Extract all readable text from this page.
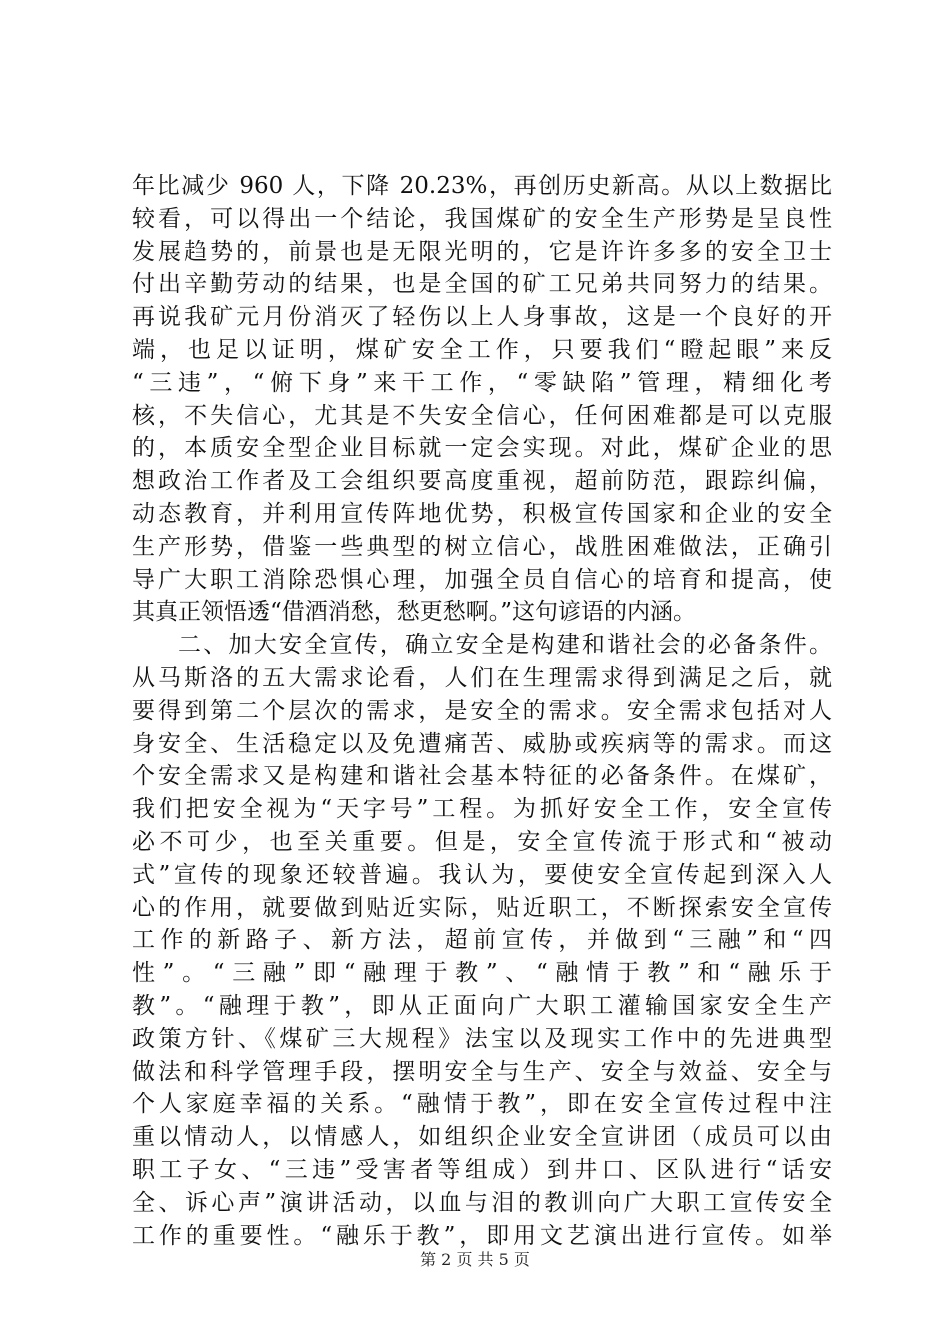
年比减少 960 人，下降 20.23%，再创历史新高。从以上数据比
较看，可以得出一个结论，我国煤矿的安全生产形势是呈良性
发展趋势的，前景也是无限光明的，它是许许多多的安全卫士
付出辛勤劳动的结果，也是全国的矿工兄弟共同努力的结果。
再说我矿元月份消灭了轻伤以上人身事故，这是一个良好的开
端，也足以证明，煤矿安全工作，只要我们“瞪起眼”来反
“三违”，“俯下身”来干工作，“零缺陷”管理，精细化考
核，不失信心，尤其是不失安全信心，任何困难都是可以克服
的，本质安全型企业目标就一定会实现。对此，煤矿企业的思
想政治工作者及工会组织要高度重视，超前防范，跟踪纠偏，
动态教育，并利用宣传阵地优势，积极宣传国家和企业的安全
生产形势，借鉴一些典型的树立信心，战胜困难做法，正确引
导广大职工消除恐惧心理，加强全员自信心的培育和提高，使
其真正领悟透“借酒消愁，愁更愁啊。”这句谚语的内涵。
二、加大安全宣传，确立安全是构建和谐社会的必备条件。
从马斯洛的五大需求论看，人们在生理需求得到满足之后，就
要得到第二个层次的需求，是安全的需求。安全需求包括对人
身安全、生活稳定以及免遭痛苦、威胁或疾病等的需求。而这
个安全需求又是构建和谐社会基本特征的必备条件。在煤矿，
我们把安全视为“天字号”工程。为抓好安全工作，安全宣传
必不可少，也至关重要。但是，安全宣传流于形式和“被动
式”宣传的现象还较普遍。我认为，要使安全宣传起到深入人
心的作用，就要做到贴近实际，贴近职工，不断探索安全宣传
工作的新路子、新方法，超前宣传，并做到“三融”和“四
性”。“三融”即“融理于教”、“融情于教”和“融乐于
教”。“融理于教”，即从正面向广大职工灌输国家安全生产
政策方针、《煤矿三大规程》法宝以及现实工作中的先进典型
做法和科学管理手段，摆明安全与生产、安全与效益、安全与
个人家庭幸福的关系。“融情于教”，即在安全宣传过程中注
重以情动人，以情感人，如组织企业安全宣讲团（成员可以由
职工子女、“三违”受害者等组成）到井口、区队进行“话安
全、诉心声”演讲活动，以血与泪的教训向广大职工宣传安全
工作的重要性。“融乐于教”，即用文艺演出进行宣传。如举
第 2 页 共 5 页
